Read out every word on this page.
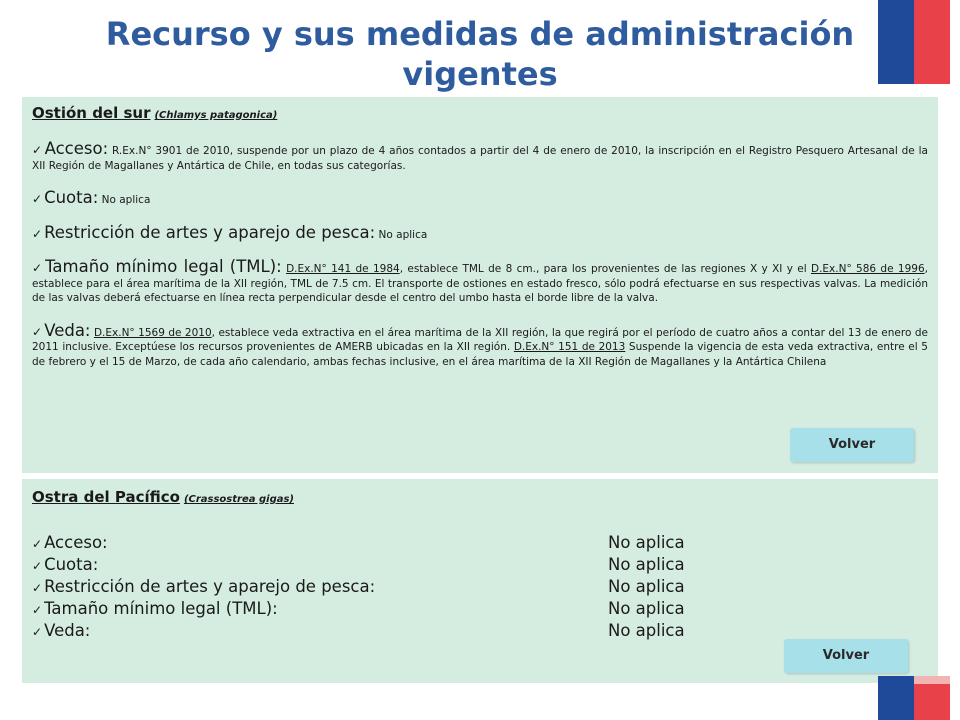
Recurso y sus medidas de administración vigentes
Ostión del sur (Chlamys patagonica)
✓ Acceso: R.Ex.N° 3901 de 2010, suspende por un plazo de 4 años contados a partir del 4 de enero de 2010, la inscripción en el Registro Pesquero Artesanal de la XII Región de Magallanes y Antártica de Chile, en todas sus categorías.
✓ Cuota: No aplica
✓ Restricción de artes y aparejo de pesca: No aplica
✓ Tamaño mínimo legal (TML): D.Ex.N° 141 de 1984, establece TML de 8 cm., para los provenientes de las regiones X y XI y el D.Ex.N° 586 de 1996, establece para el área marítima de la XII región, TML de 7.5 cm. El transporte de ostiones en estado fresco, sólo podrá efectuarse en sus respectivas valvas. La medición de las valvas deberá efectuarse en línea recta perpendicular desde el centro del umbo hasta el borde libre de la valva.
✓ Veda: D.Ex.N° 1569 de 2010, establece veda extractiva en el área marítima de la XII región, la que regirá por el período de cuatro años a contar del 13 de enero de 2011 inclusive. Exceptúese los recursos provenientes de AMERB ubicadas en la XII región. D.Ex.N° 151 de 2013 Suspende la vigencia de esta veda extractiva, entre el 5 de febrero y el 15 de Marzo, de cada año calendario, ambas fechas inclusive, en el área marítima de la XII Región de Magallanes y la Antártica Chilena
Volver
Ostra del Pacífico (Crassostrea gigas)
✓ Acceso:	No aplica
✓ Cuota:	No aplica
✓ Restricción de artes y aparejo de pesca:	No aplica
✓ Tamaño mínimo legal (TML):	No aplica
✓ Veda:	No aplica
Volver
